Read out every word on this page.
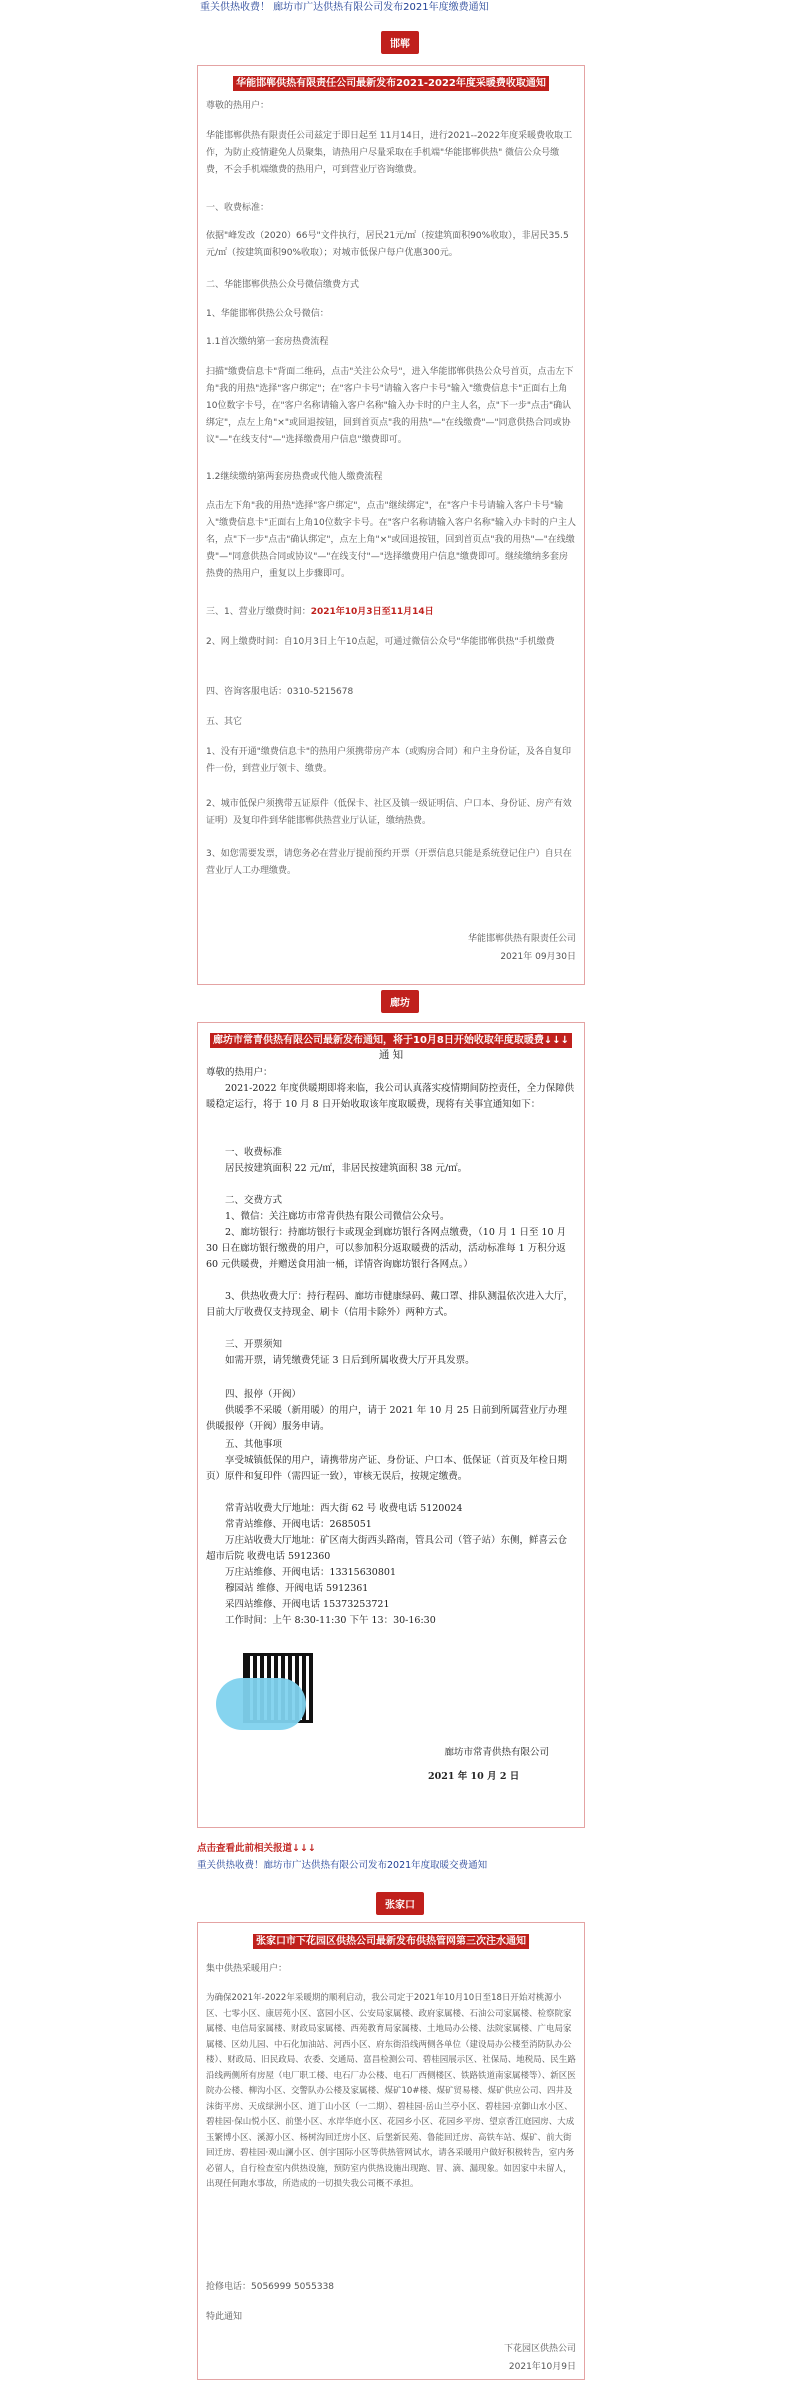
重关供热收费！ 廊坊市广达供热有限公司发布2021年度缴费通知
邯郸
华能邯郸供热有限责任公司最新发布2021-2022年度采暖费收取通知

尊敬的热用户：

华能邯郸供热有限责任公司兹定于即日起至 11月14日，进行2021--2022年度采暖费收取工作，为防止疫情避免人员聚集，请热用户尽量采取在手机端"华能邯郸供热" 微信公众号缴费，不会手机端缴费的热用户，可到营业厅咨询缴费。

一、收费标准：

依据"峰发改（2020）66号"文件执行，居民21元/㎡（按建筑面积90%收取），非居民35.5元/㎡（按建筑面积90%收取）；对城市低保户每户优惠300元。

二、华能邯郸供热公众号微信缴费方式

1、华能邯郸供热公众号微信：

1.1首次缴纳第一套房热费流程

扫描"缴费信息卡"背面二维码，点击"关注公众号"，进入华能邯郸供热公众号首页，点击左下角"我的用热"选择"客户绑定"；在"客户卡号"请输入客户卡号"输入"缴费信息卡"正面右上角10位数字卡号，在"客户名称请输入客户名称"输入办卡时的户主人名，点"下一步"点击"确认绑定"，点左上角"×"或回退按钮，回到首页点"我的用热"—"在线缴费"—"同意供热合同或协议"—"在线支付"—"选择缴费用户信息"缴费即可。

1.2继续缴纳第两套房热费或代他人缴费流程

点击左下角"我的用热"选择"客户绑定"，点击"继续绑定"，在"客户卡号请输入客户卡号"输入"缴费信息卡"正面右上角10位数字卡号。在"客户名称请输入客户名称"输入办卡时的户主人名，点"下一步"点击"确认绑定"，点左上角"×"或回退按钮，回到首页点"我的用热"—"在线缴费"—"同意供热合同或协议"—"在线支付"—"选择缴费用户信息"缴费即可。继续缴纳多套房热费的热用户，重复以上步骤即可。

三、1、营业厅缴费时间：2021年10月3日至11月14日

2、网上缴费时间：自10月3日上午10点起，可通过微信公众号"华能邯郸供热"手机缴费

四、咨询客服电话：0310-5215678

五、其它

1、没有开通"缴费信息卡"的热用户须携带房产本（或购房合同）和户主身份证，及各自复印件一份，到营业厅领卡、缴费。

2、城市低保户须携带五证原件（低保卡、社区及镇一级证明信、户口本、身份证、房产有效证明）及复印件到华能邯郸供热营业厅认证，缴纳热费。

3、如您需要发票，请您务必在营业厅提前预约开票（开票信息只能是系统登记住户）自只在营业厅人工办理缴费。

华能邯郸供热有限责任公司

2021年 09月30日

廊坊
廊坊市常青供热有限公司最新发布通知，将于10月8日开始收取年度取暖费↓↓↓

通 知

尊敬的热用户：

2021-2022 年度供暖期即将来临，我公司认真落实疫情期间防控责任，全力保障供暖稳定运行，将于 10 月 8 日开始收取该年度取暖费，现将有关事宜通知如下：

一、收费标准

居民按建筑面积 22 元/㎡，非居民按建筑面积 38 元/㎡。

二、交费方式

1、微信：关注廊坊市常青供热有限公司微信公众号。

2、廊坊银行：持廊坊银行卡或现金到廊坊银行各网点缴费，（10 月 1 日至 10 月 30 日在廊坊银行缴费的用户，可以参加积分返取暖费的活动，活动标准每 1 万积分返 60 元供暖费，并赠送食用油一桶，详情咨询廊坊银行各网点。）

3、供热收费大厅：持行程码、廊坊市健康绿码、戴口罩、排队测温依次进入大厅，目前大厅收费仅支持现金、刷卡（信用卡除外）两种方式。

三、开票须知

如需开票，请凭缴费凭证 3 日后到所属收费大厅开具发票。

四、报停（开阀）

供暖季不采暖（新用暖）的用户，请于 2021 年 10 月 25 日前到所属营业厅办理供暖报停（开阀）服务申请。

五、其他事项

享受城镇低保的用户，请携带房产证、身份证、户口本、低保证（首页及年检日期页）原件和复印件（需四证一致），审核无误后，按规定缴费。

常青站收费大厅地址：西大街 62 号 收费电话 5120024

常青站维修、开阀电话：2685051

万庄站收费大厅地址：矿区南大街西头路南，管具公司（管子站）东侧，鲜喜云仓超市后院 收费电话 5912360

万庄站维修、开阀电话：13315630801

穆园站 维修、开阀电话 5912361

采四站维修、开阀电话 15373253721

工作时间：上午 8:30-11:30 下午 13：30-16:30

廊坊市常青供热有限公司

2021 年 10 月 2 日

点击查看此前相关报道↓↓↓
重关供热收费！廊坊市广达供热有限公司发布2021年度取暖交费通知
张家口
张家口市下花园区供热公司最新发布供热管网第三次注水通知

集中供热采暖用户：

为确保2021年-2022年采暖期的顺利启动，我公司定于2021年10月10日至18日开始对桃源小区、七零小区、康居苑小区、富园小区、公安局家属楼、政府家属楼、石油公司家属楼、检察院家属楼、电信局家属楼、财政局家属楼、西苑教育局家属楼、土地局办公楼、法院家属楼、广电局家属楼、区幼儿园、中石化加油站、河西小区、府东街沿线两侧各单位（建设局办公楼至消防队办公楼）、财政局、旧民政局、农委、交通局、富昌检测公司、碧桂园展示区、社保局、地税局、民生路沿线两侧所有房屋（电厂职工楼、电石厂办公楼、电石厂西侧楼区、铁路铁道南家属楼等）、新区医院办公楼、柳沟小区、交警队办公楼及家属楼、煤矿10#楼、煤矿贸易楼、煤矿供应公司、四井及沫街平房、天成绿洲小区、道丁山小区（一二期）、碧桂园·岳山兰亭小区、碧桂园·京御山水小区、碧桂园·保山悦小区、前堡小区、水岸华庭小区、花园乡小区、花园乡平房、望京香江庭园房、大成玉繁博小区、溪源小区、杨树沟回迁房小区、后堡新民苑、鲁能回迁房、高铁车站、煤矿、前大街回迁房、碧桂园·观山澜小区、创宇国际小区等供热管网试水，请各采暖用户做好积极转告，室内务必留人，自行检查室内供热设施，预防室内供热设施出现跑、冒、滴、漏现象。如因家中未留人，出现任何跑水事故，所造成的一切损失我公司概不承担。

抢修电话：5056999 5055338

特此通知

下花园区供热公司

2021年10月9日
